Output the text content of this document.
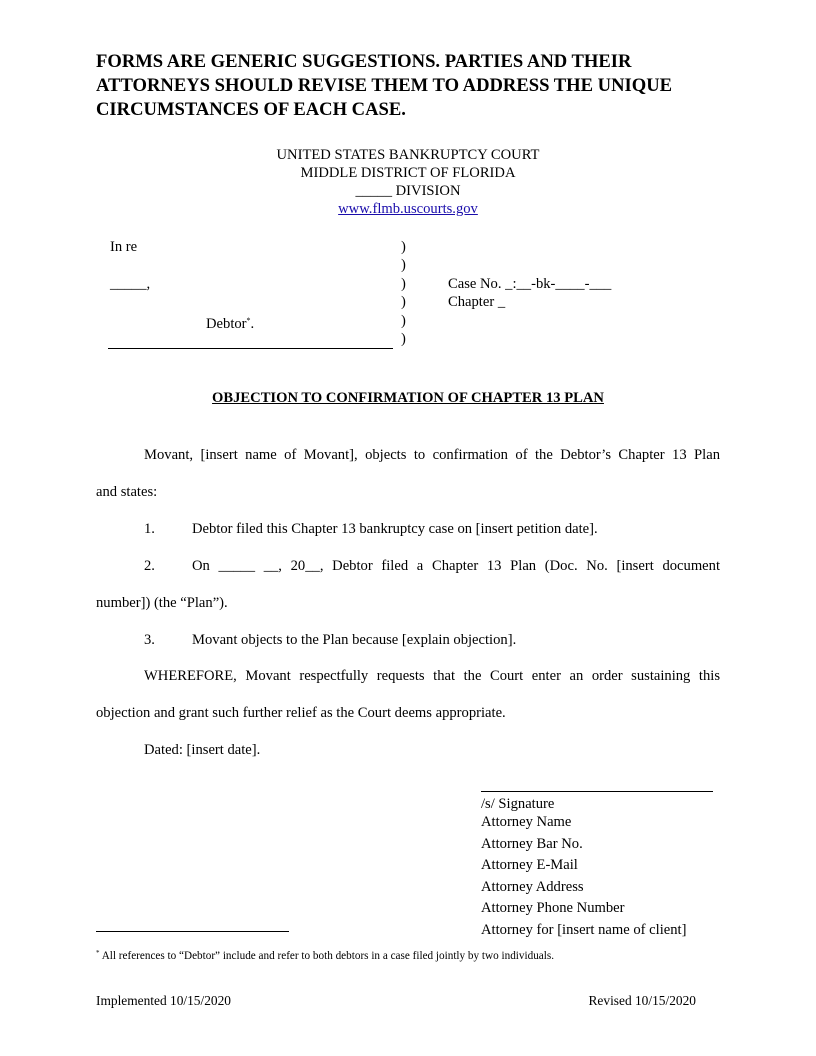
FORMS ARE GENERIC SUGGESTIONS. PARTIES AND THEIR ATTORNEYS SHOULD REVISE THEM TO ADDRESS THE UNIQUE CIRCUMSTANCES OF EACH CASE.
UNITED STATES BANKRUPTCY COURT
MIDDLE DISTRICT OF FLORIDA
_____ DIVISION
www.flmb.uscourts.gov
In re
_____,
Debtor*.
)
)
)
)
)
)
Case No. _:__-bk-____-___
Chapter _
OBJECTION TO CONFIRMATION OF CHAPTER 13 PLAN
Movant, [insert name of Movant], objects to confirmation of the Debtor’s Chapter 13 Plan
and states:
1.	Debtor filed this Chapter 13 bankruptcy case on [insert petition date].
2.	On _____ __, 20__, Debtor filed a Chapter 13 Plan (Doc. No. [insert document
number]) (the “Plan”).
3.	Movant objects to the Plan because [explain objection].
WHEREFORE, Movant respectfully requests that the Court enter an order sustaining this
objection and grant such further relief as the Court deems appropriate.
Dated: [insert date].
/s/ Signature
Attorney Name
Attorney Bar No.
Attorney E-Mail
Attorney Address
Attorney Phone Number
Attorney for [insert name of client]
* All references to “Debtor” include and refer to both debtors in a case filed jointly by two individuals.
Implemented 10/15/2020	Revised 10/15/2020
